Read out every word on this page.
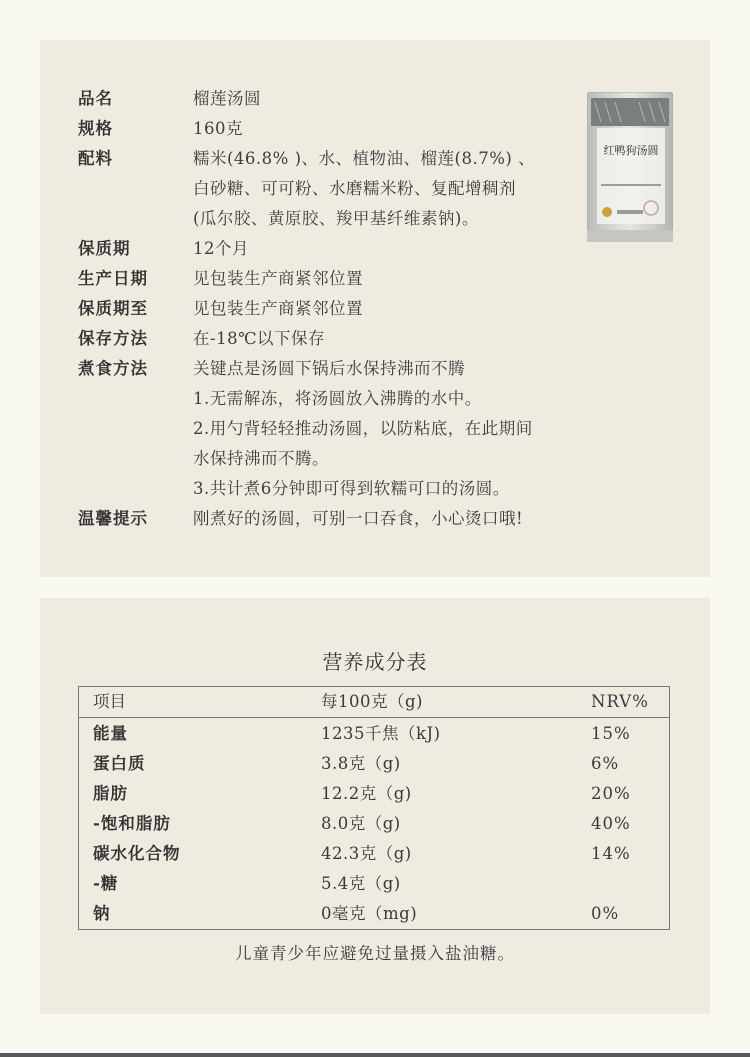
品名	榴莲汤圆
规格	160克
配料	糯米(46.8% )、水、植物油、榴莲(8.7%) 、
白砂糖、可可粉、水磨糯米粉、复配增稠剂
(瓜尔胶、黄原胶、羧甲基纤维素钠)。
保质期	12个月
生产日期	见包装生产商紧邻位置
保质期至	见包装生产商紧邻位置
保存方法	在-18℃以下保存
煮食方法	关键点是汤圆下锅后水保持沸而不腾
1.无需解冻，将汤圆放入沸腾的水中。
2.用勺背轻轻推动汤圆，以防粘底，在此期间
水保持沸而不腾。
3.共计煮6分钟即可得到软糯可口的汤圆。
温馨提示	刚煮好的汤圆，可别一口吞食，小心烫口哦!
红鸭狗汤圆
营养成分表
项目	每100克（g)	NRV%
能量	1235千焦（kJ)	15%
蛋白质	3.8克（g)	6%
脂肪	12.2克（g)	20%
-饱和脂肪	8.0克（g)	40%
碳水化合物	42.3克（g)	14%
-糖	5.4克（g)
钠	0毫克（mg)	0%
儿童青少年应避免过量摄入盐油糖。
